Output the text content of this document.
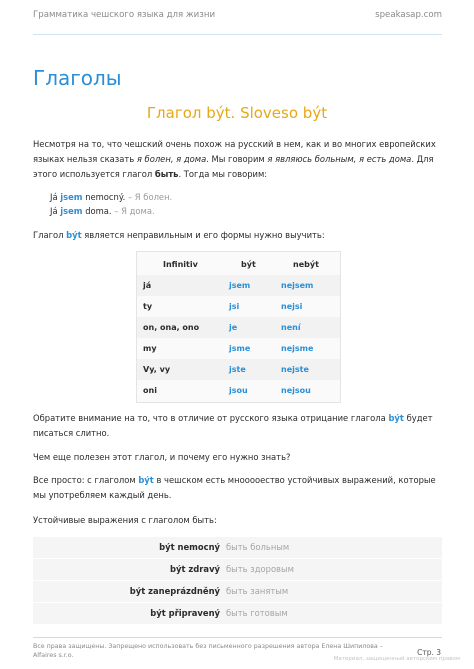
Грамматика чешского языка для жизни	speakasap.com
Глаголы
Глагол být. Sloveso být
Несмотря на то, что чешский очень похож на русский в нем, как и во многих европейских
языках нельзя сказать я болен, я дома. Мы говорим я являюсь больным, я есть дома. Для
этого используется глагол быть. Тогда мы говорим:
Já jsem nemocný. – Я болен.
Já jsem doma. – Я дома.
Глагол být является неправильным и его формы нужно выучить:
Infinitiv	být	nebýt
já	jsem	nejsem
ty	jsi	nejsi
on, ona, ono	je	není
my	jsme	nejsme
Vy, vy	jste	nejste
oni	jsou	nejsou
Обратите внимание на то, что в отличие от русского языка отрицание глагола být будет
писаться слитно.
Чем еще полезен этот глагол, и почему его нужно знать?
Все просто: с глаголом být в чешском есть мнооооество устойчивых выражений, которые
мы употребляем каждый день.
Устойчивые выражения с глаголом быть:
být nemocný быть больным
být zdravý быть здоровым
být zaneprázdněný быть занятым
být připravený быть готовым
Все права защищены. Запрещено использовать без письменного разрешения автора Елена Шипилова –
Alfaires s.r.o.	Стр. 3
Материал, защищенный авторским правом
